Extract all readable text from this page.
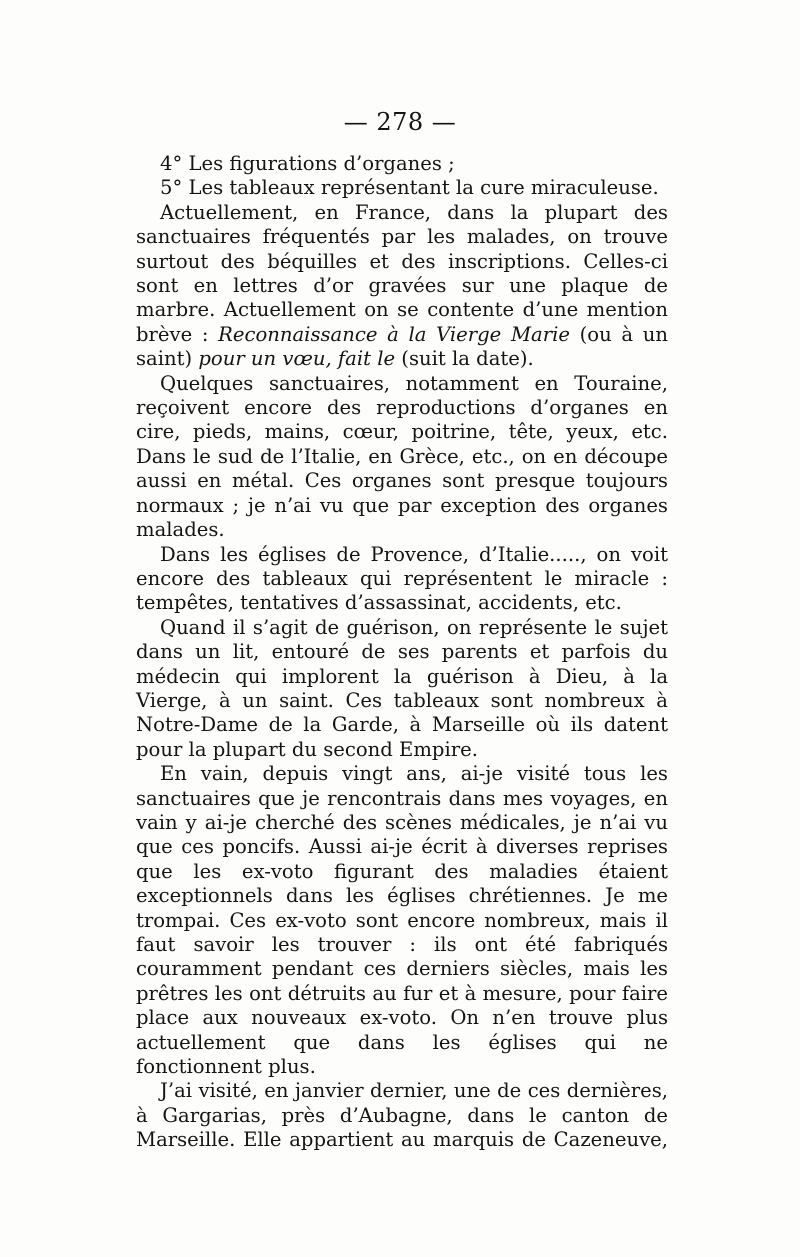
— 278 —

4° Les figurations d’organes ;

5° Les tableaux représentant la cure miraculeuse.

Actuellement, en France, dans la plupart des sanctuaires fréquentés par les malades, on trouve surtout des béquilles et des inscriptions. Celles-ci sont en lettres d’or gravées sur une plaque de marbre. Actuellement on se contente d’une mention brève : Reconnaissance à la Vierge Marie (ou à un saint) pour un vœu, fait le (suit la date).

Quelques sanctuaires, notamment en Touraine, reçoivent encore des reproductions d’organes en cire, pieds, mains, cœur, poitrine, tête, yeux, etc. Dans le sud de l’Italie, en Grèce, etc., on en découpe aussi en métal. Ces organes sont presque toujours normaux ; je n’ai vu que par exception des organes malades.

Dans les églises de Provence, d’Italie....., on voit encore des tableaux qui représentent le miracle : tempêtes, tentatives d’assassinat, accidents, etc.

Quand il s’agit de guérison, on représente le sujet dans un lit, entouré de ses parents et parfois du médecin qui implorent la guérison à Dieu, à la Vierge, à un saint. Ces tableaux sont nombreux à Notre-Dame de la Garde, à Marseille où ils datent pour la plupart du second Empire.

En vain, depuis vingt ans, ai-je visité tous les sanctuaires que je rencontrais dans mes voyages, en vain y ai-je cherché des scènes médicales, je n’ai vu que ces poncifs. Aussi ai-je écrit à diverses reprises que les ex-voto figurant des maladies étaient exceptionnels dans les églises chrétiennes. Je me trompai. Ces ex-voto sont encore nombreux, mais il faut savoir les trouver : ils ont été fabriqués couramment pendant ces derniers siècles, mais les prêtres les ont détruits au fur et à mesure, pour faire place aux nouveaux ex-voto. On n’en trouve plus actuellement que dans les églises qui ne fonctionnent plus.

J’ai visité, en janvier dernier, une de ces dernières, à Gargarias, près d’Aubagne, dans le canton de Marseille. Elle appartient au marquis de Cazeneuve,
